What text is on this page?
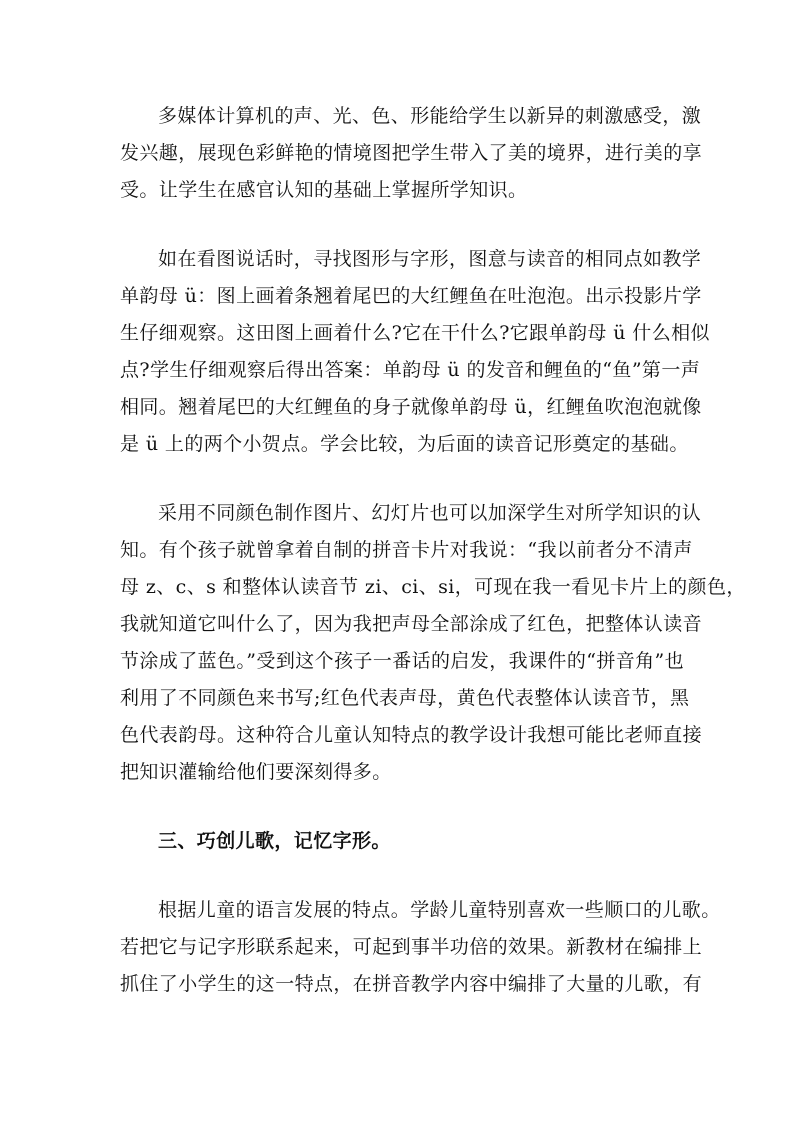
多媒体计算机的声、光、色、形能给学生以新异的刺激感受，激
发兴趣，展现色彩鲜艳的情境图把学生带入了美的境界，进行美的享
受。让学生在感官认知的基础上掌握所学知识。

如在看图说话时，寻找图形与字形，图意与读音的相同点如教学
单韵母 ü：图上画着条翘着尾巴的大红鲤鱼在吐泡泡。出示投影片学
生仔细观察。这田图上画着什么?它在干什么?它跟单韵母 ü 什么相似
点?学生仔细观察后得出答案：单韵母 ü 的发音和鲤鱼的“鱼”第一声
相同。翘着尾巴的大红鲤鱼的身子就像单韵母 ü，红鲤鱼吹泡泡就像
是 ü 上的两个小贺点。学会比较，为后面的读音记形奠定的基础。

采用不同颜色制作图片、幻灯片也可以加深学生对所学知识的认
知。有个孩子就曾拿着自制的拼音卡片对我说：“我以前者分不清声
母 z、c、s 和整体认读音节 zi、ci、si，可现在我一看见卡片上的颜色，
我就知道它叫什么了，因为我把声母全部涂成了红色，把整体认读音
节涂成了蓝色。”受到这个孩子一番话的启发，我课件的“拼音角”也
利用了不同颜色来书写;红色代表声母，黄色代表整体认读音节，黑
色代表韵母。这种符合儿童认知特点的教学设计我想可能比老师直接
把知识灌输给他们要深刻得多。

三、巧创儿歌，记忆字形。

根据儿童的语言发展的特点。学龄儿童特别喜欢一些顺口的儿歌。
若把它与记字形联系起来，可起到事半功倍的效果。新教材在编排上
抓住了小学生的这一特点，在拼音教学内容中编排了大量的儿歌，有
